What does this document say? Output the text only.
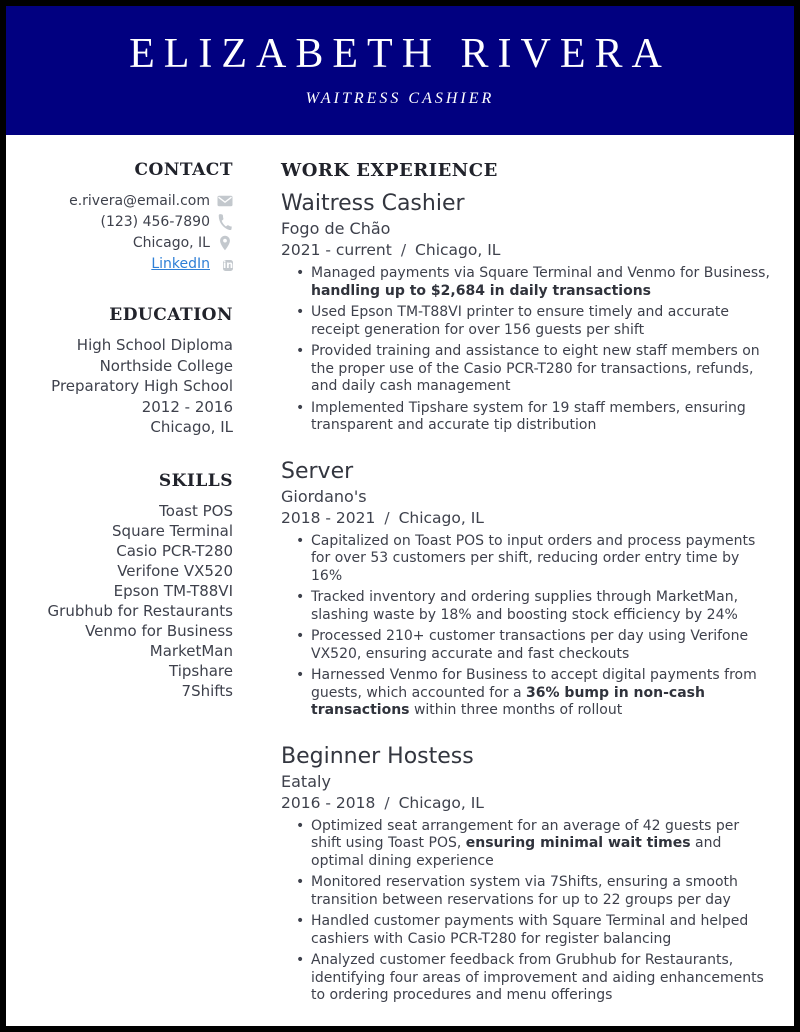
ELIZABETH RIVERA
WAITRESS CASHIER
CONTACT
e.rivera@email.com
(123) 456-7890
Chicago, IL
LinkedIn	in
EDUCATION
High School Diploma
Northside College Preparatory High School
2012 - 2016
Chicago, IL
SKILLS
Toast POS
Square Terminal
Casio PCR-T280
Verifone VX520
Epson TM-T88VI
Grubhub for Restaurants
Venmo for Business
MarketMan
Tipshare
7Shifts
WORK EXPERIENCE
Waitress Cashier
Fogo de Chão
2021 - current / Chicago, IL
• Managed payments via Square Terminal and Venmo for Business, handling up to $2,684 in daily transactions
• Used Epson TM-T88VI printer to ensure timely and accurate receipt generation for over 156 guests per shift
• Provided training and assistance to eight new staff members on the proper use of the Casio PCR-T280 for transactions, refunds, and daily cash management
• Implemented Tipshare system for 19 staff members, ensuring transparent and accurate tip distribution
Server
Giordano's
2018 - 2021 / Chicago, IL
• Capitalized on Toast POS to input orders and process payments for over 53 customers per shift, reducing order entry time by 16%
• Tracked inventory and ordering supplies through MarketMan, slashing waste by 18% and boosting stock efficiency by 24%
• Processed 210+ customer transactions per day using Verifone VX520, ensuring accurate and fast checkouts
• Harnessed Venmo for Business to accept digital payments from guests, which accounted for a 36% bump in non-cash transactions within three months of rollout
Beginner Hostess
Eataly
2016 - 2018 / Chicago, IL
• Optimized seat arrangement for an average of 42 guests per shift using Toast POS, ensuring minimal wait times and optimal dining experience
• Monitored reservation system via 7Shifts, ensuring a smooth transition between reservations for up to 22 groups per day
• Handled customer payments with Square Terminal and helped cashiers with Casio PCR-T280 for register balancing
• Analyzed customer feedback from Grubhub for Restaurants, identifying four areas of improvement and aiding enhancements to ordering procedures and menu offerings
